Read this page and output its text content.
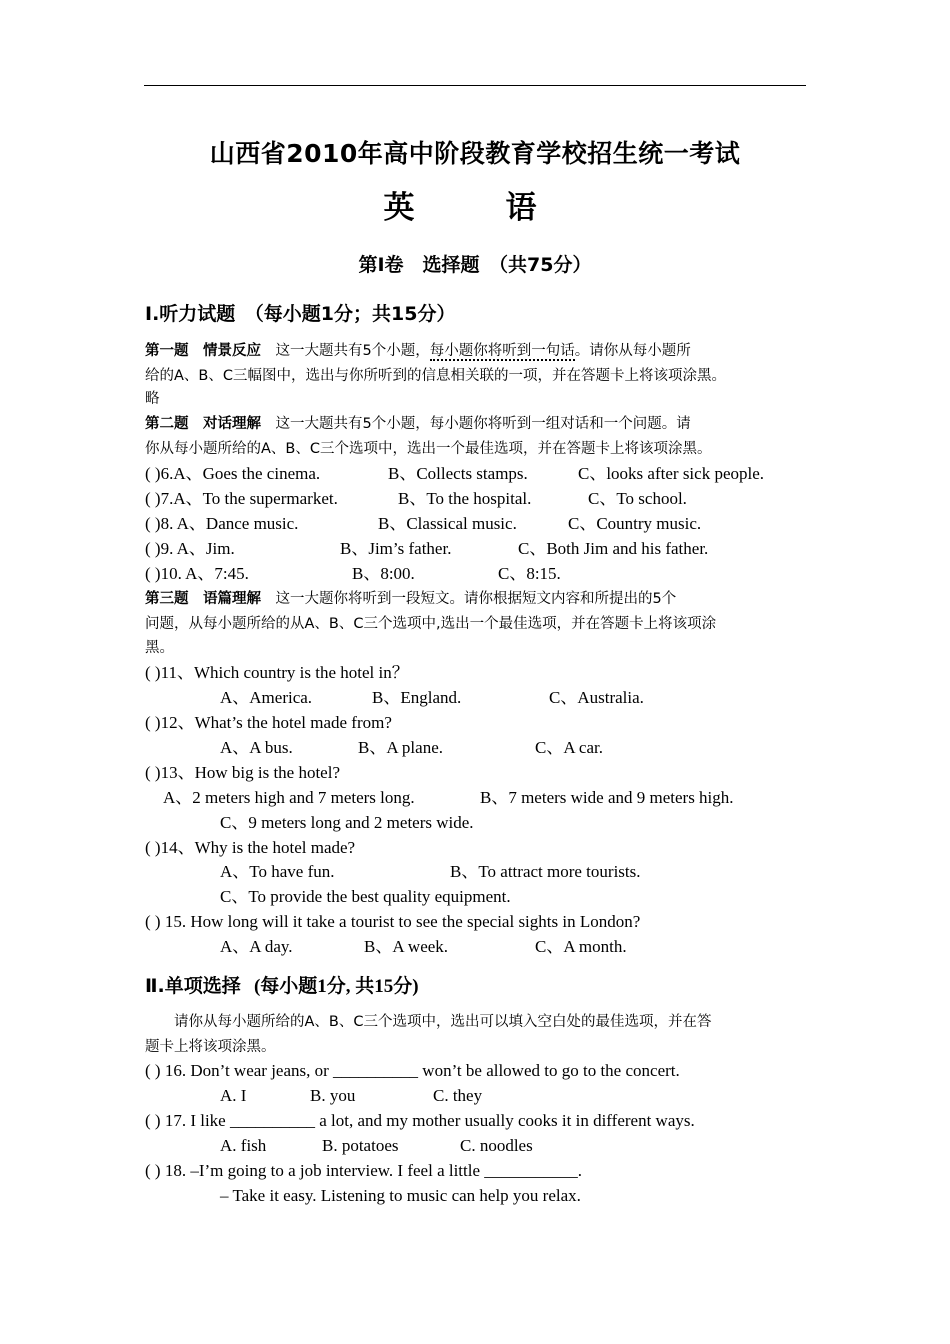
山西省2010年高中阶段教育学校招生统一考试
英　语
第Ⅰ卷　选择题　（共75分）
Ⅰ.听力试题　（每小题1分；共15分）
第一题　情景反应　这一大题共有5个小题，每小题你将听到一句话。请你从每小题所
给的A、B、C三幅图中，选出与你所听到的信息相关联的一项，并在答题卡上将该项涂黑。
略
第二题　对话理解　这一大题共有5个小题，每小题你将听到一组对话和一个问题。请
你从每小题所给的A、B、C三个选项中，选出一个最佳选项，并在答题卡上将该项涂黑。
( )6.A、Goes the cinema.	B、Collects stamps.	C、looks after sick people.
( )7.A、To the supermarket.	B、To the hospital.	C、To school.
( )8. A、Dance music.	B、Classical music.	C、Country music.
( )9. A、Jim.	B、Jim’s father.	C、Both Jim and his father.
( )10. A、7:45.	B、8:00.	C、8:15.
第三题　语篇理解　这一大题你将听到一段短文。请你根据短文内容和所提出的5个
问题，从每小题所给的从A、B、C三个选项中,选出一个最佳选项，并在答题卡上将该项涂
黑。
( )11、Which country is the hotel in？
A、America.	B、England.	C、Australia.
( )12、What’s the hotel made from?
A、A bus.	B、A plane.	C、A car.
( )13、How big is the hotel?
A、2 meters high and 7 meters long.	B、7 meters wide and 9 meters high.
C、9 meters long and 2 meters wide.
( )14、Why is the hotel made?
A、To have fun.	B、To attract more tourists.
C、To provide the best quality equipment.
( ) 15. How long will it take a tourist to see the special sights in London?
A、A day.	B、A week.	C、A month.
Ⅱ.单项选择 (每小题1分, 共15分)
　　请你从每小题所给的A、B、C三个选项中，选出可以填入空白处的最佳选项，并在答
题卡上将该项涂黑。
( ) 16. Don’t wear jeans, or __________ won’t be allowed to go to the concert.
A. I	B. you	C. they
( ) 17. I like __________ a lot, and my mother usually cooks it in different ways.
A. fish	B. potatoes	C. noodles
( ) 18. –I’m going to a job interview. I feel a little ___________.
– Take it easy. Listening to music can help you relax.
